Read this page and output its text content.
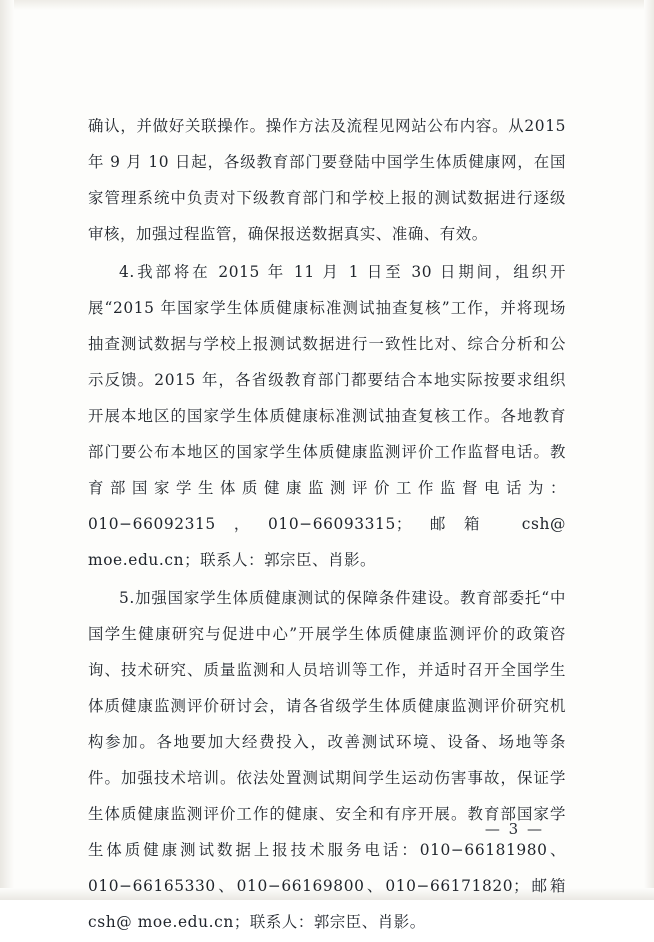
确认，并做好关联操作。操作方法及流程见网站公布内容。从2015 年 9 月 10 日起，各级教育部门要登陆中国学生体质健康网，在国家管理系统中负责对下级教育部门和学校上报的测试数据进行逐级审核，加强过程监管，确保报送数据真实、准确、有效。

4.我部将在 2015 年 11 月 1 日至 30 日期间，组织开展“2015 年国家学生体质健康标准测试抽查复核”工作，并将现场抽查测试数据与学校上报测试数据进行一致性比对、综合分析和公示反馈。2015 年，各省级教育部门都要结合本地实际按要求组织开展本地区的国家学生体质健康标准测试抽查复核工作。各地教育部门要公布本地区的国家学生体质健康监测评价工作监督电话。教育部国家学生体质健康监测评价工作监督电话为：010−66092315，010−66093315；邮箱 csh@ moe.edu.cn；联系人：郭宗臣、肖影。

5.加强国家学生体质健康测试的保障条件建设。教育部委托“中国学生健康研究与促进中心”开展学生体质健康监测评价的政策咨询、技术研究、质量监测和人员培训等工作，并适时召开全国学生体质健康监测评价研讨会，请各省级学生体质健康监测评价研究机构参加。各地要加大经费投入，改善测试环境、设备、场地等条件。加强技术培训。依法处置测试期间学生运动伤害事故，保证学生体质健康监测评价工作的健康、安全和有序开展。教育部国家学生体质健康测试数据上报技术服务电话：010−66181980、010−66165330、010−66169800、010−66171820；邮箱 csh@ moe.edu.cn；联系人：郭宗臣、肖影。

— 3 —
